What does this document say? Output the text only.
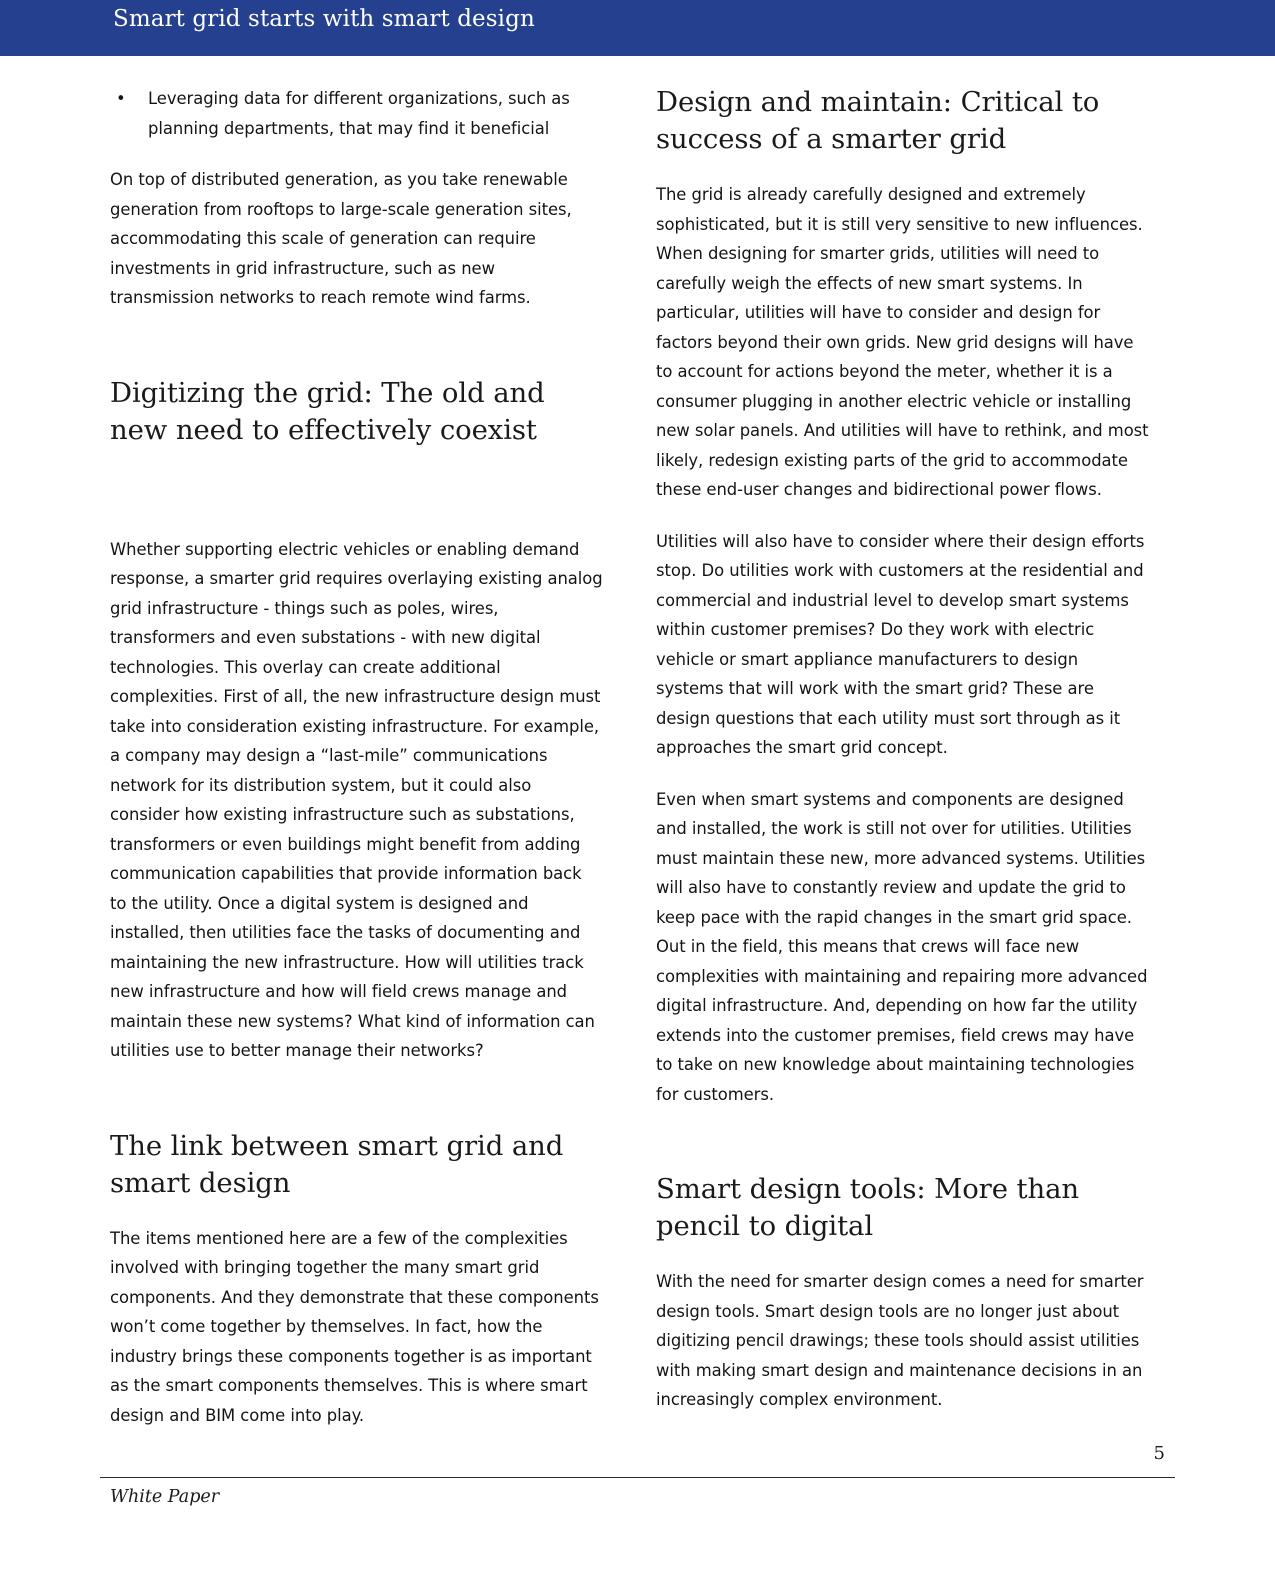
Smart grid starts with smart design
•	Leveraging data for different organizations, such as planning departments, that may find it beneficial

On top of distributed generation, as you take renewable generation from rooftops to large-scale generation sites, accommodating this scale of generation can require investments in grid infrastructure, such as new transmission networks to reach remote wind farms.

Digitizing the grid: The old and new need to effectively coexist

Whether supporting electric vehicles or enabling demand response, a smarter grid requires overlaying existing analog grid infrastructure - things such as poles, wires, transformers and even substations - with new digital technologies. This overlay can create additional complexities. First of all, the new infrastructure design must take into consideration existing infrastructure. For example, a company may design a “last-mile” communications network for its distribution system, but it could also consider how existing infrastructure such as substations, transformers or even buildings might benefit from adding communication capabilities that provide information back to the utility. Once a digital system is designed and installed, then utilities face the tasks of documenting and maintaining the new infrastructure. How will utilities track new infrastructure and how will field crews manage and maintain these new systems? What kind of information can utilities use to better manage their networks?

The link between smart grid and smart design

The items mentioned here are a few of the complexities involved with bringing together the many smart grid components. And they demonstrate that these components won’t come together by themselves. In fact, how the industry brings these components together is as important as the smart components themselves. This is where smart design and BIM come into play.

Design and maintain: Critical to success of a smarter grid

The grid is already carefully designed and extremely sophisticated, but it is still very sensitive to new influences. When designing for smarter grids, utilities will need to carefully weigh the effects of new smart systems. In particular, utilities will have to consider and design for factors beyond their own grids. New grid designs will have to account for actions beyond the meter, whether it is a consumer plugging in another electric vehicle or installing new solar panels. And utilities will have to rethink, and most likely, redesign existing parts of the grid to accommodate these end-user changes and bidirectional power flows.

Utilities will also have to consider where their design efforts stop. Do utilities work with customers at the residential and commercial and industrial level to develop smart systems within customer premises? Do they work with electric vehicle or smart appliance manufacturers to design systems that will work with the smart grid? These are design questions that each utility must sort through as it approaches the smart grid concept.

Even when smart systems and components are designed and installed, the work is still not over for utilities. Utilities must maintain these new, more advanced systems. Utilities will also have to constantly review and update the grid to keep pace with the rapid changes in the smart grid space. Out in the field, this means that crews will face new complexities with maintaining and repairing more advanced digital infrastructure. And, depending on how far the utility extends into the customer premises, field crews may have to take on new knowledge about maintaining technologies for customers.

Smart design tools: More than pencil to digital

With the need for smarter design comes a need for smarter design tools. Smart design tools are no longer just about digitizing pencil drawings; these tools should assist utilities with making smart design and maintenance decisions in an increasingly complex environment.

5
White Paper
